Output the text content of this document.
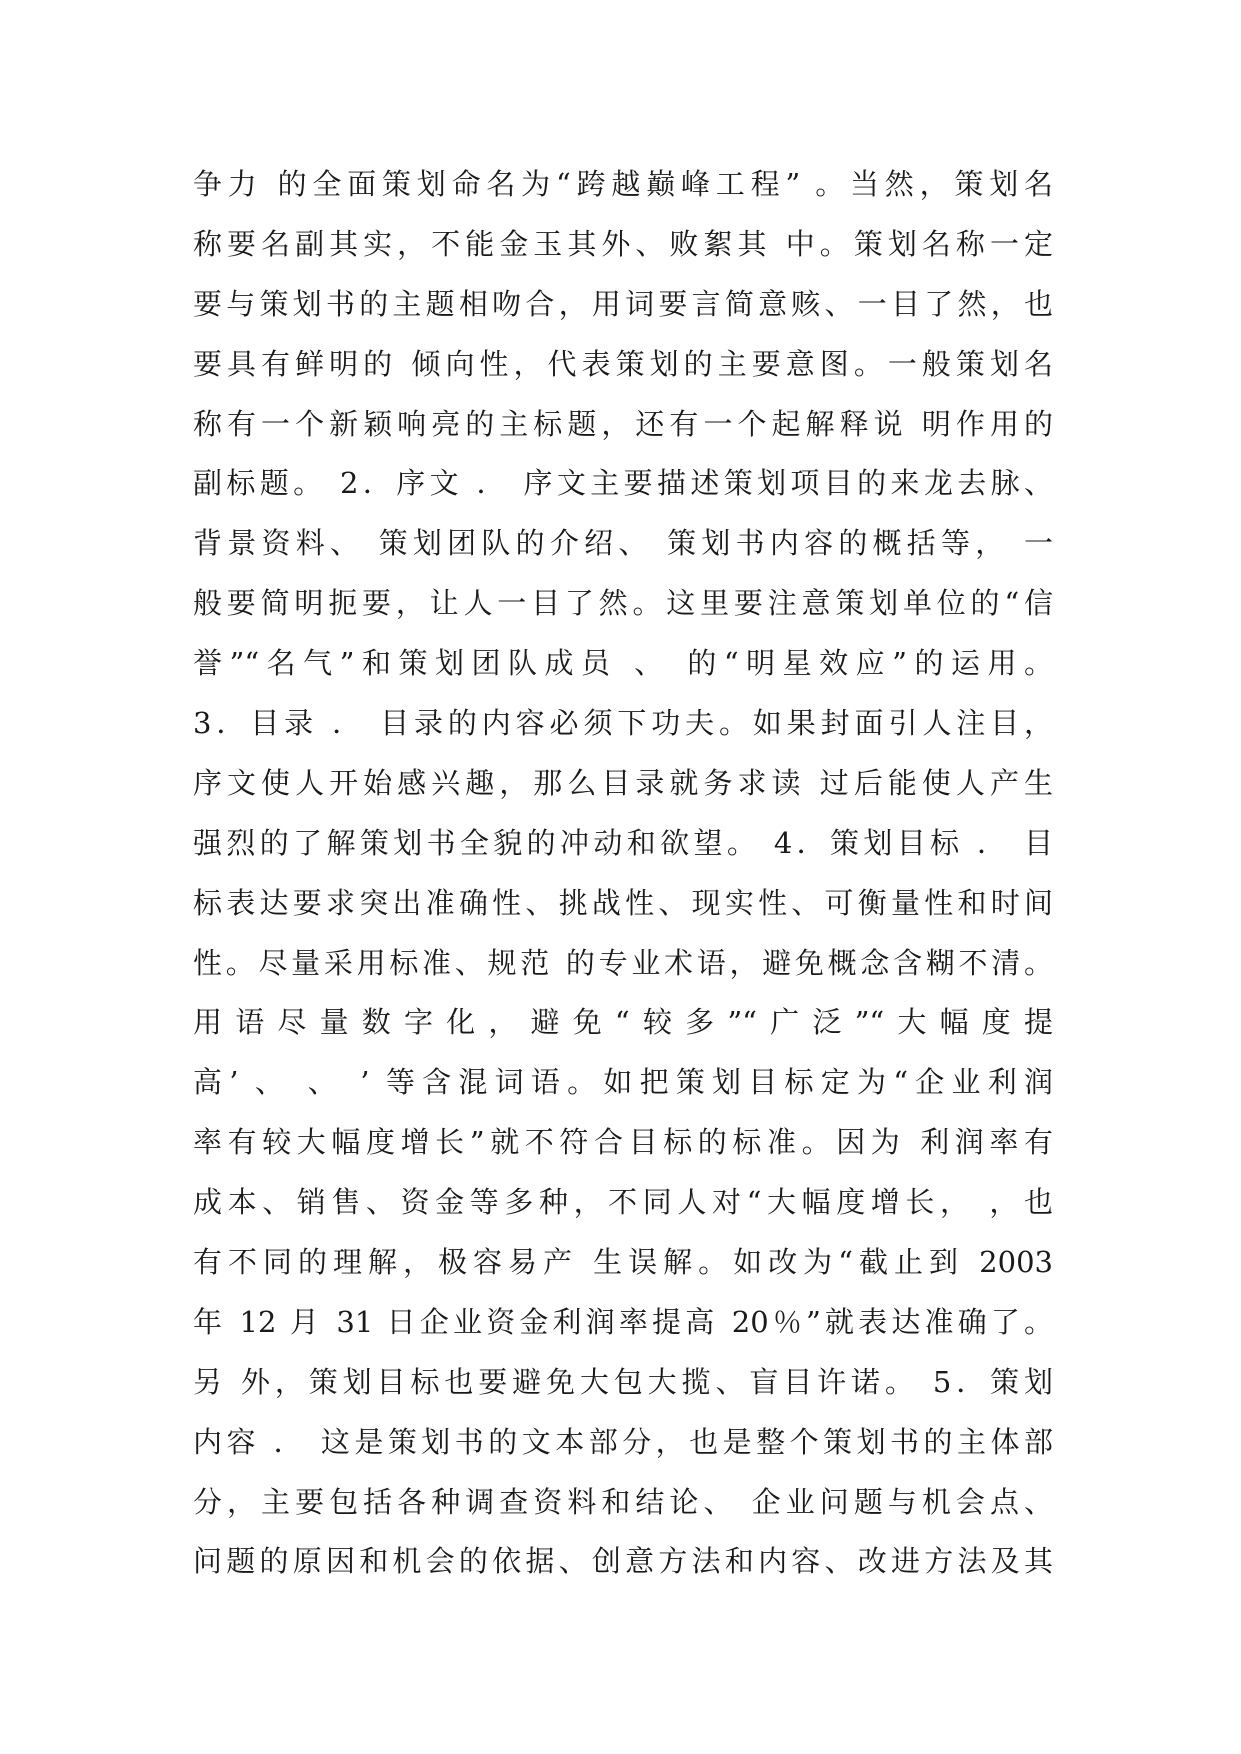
争力 的全面策划命名为“跨越巅峰工程” 。当然，策划名
称要名副其实，不能金玉其外、败絮其 中。策划名称一定
要与策划书的主题相吻合，用词要言简意赅、一目了然，也
要具有鲜明的 倾向性，代表策划的主要意图。一般策划名
称有一个新颖响亮的主标题，还有一个起解释说 明作用的
副标题。 2．序文 ． 序文主要描述策划项目的来龙去脉、
背景资料、 策划团队的介绍、 策划书内容的概括等， 一
般要简明扼要，让人一目了然。这里要注意策划单位的“信
誉”“名气”和策划团队成员 、 的“明星效应”的运用。
3．目录 ． 目录的内容必须下功夫。如果封面引人注目，
序文使人开始感兴趣，那么目录就务求读 过后能使人产生
强烈的了解策划书全貌的冲动和欲望。 4．策划目标 ． 目
标表达要求突出准确性、挑战性、现实性、可衡量性和时间
性。尽量采用标准、规范 的专业术语，避免概念含糊不清。
用语尽量数字化，避免“较多”“广泛”“大幅度提
高’ 、 、 ’ 等含混词语。如把策划目标定为“企业利润
率有较大幅度增长”就不符合目标的标准。因为 利润率有
成本、销售、资金等多种，不同人对“大幅度增长， ，也
有不同的理解，极容易产 生误解。如改为“截止到 2003
年 12 月 31 日企业资金利润率提高 20％”就表达准确了。
另 外，策划目标也要避免大包大揽、盲目许诺。 5．策划
内容 ． 这是策划书的文本部分，也是整个策划书的主体部
分，主要包括各种调查资料和结论、 企业问题与机会点、
问题的原因和机会的依据、创意方法和内容、改进方法及其
